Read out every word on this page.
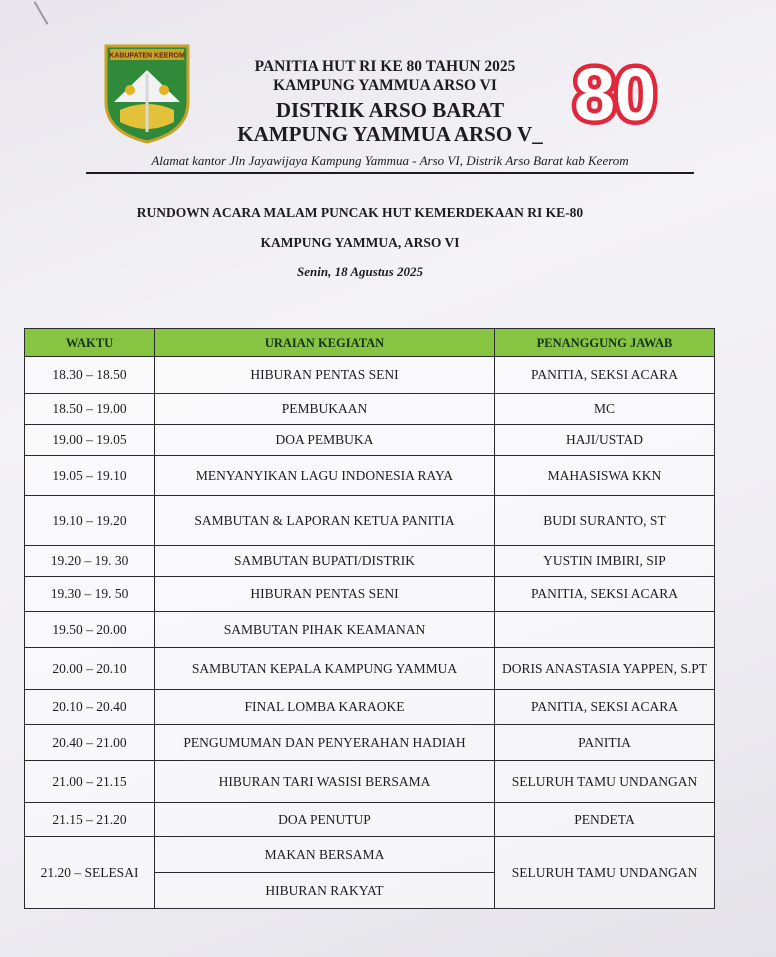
KABUPATEN KEEROM
PANITIA HUT RI KE 80 TAHUN 2025
KAMPUNG YAMMUA ARSO VI
DISTRIK ARSO BARAT
KAMPUNG YAMMUA ARSO V_ 80
Alamat kantor Jln Jayawijaya Kampung Yammua - Arso VI, Distrik Arso Barat kab Keerom
RUNDOWN ACARA MALAM PUNCAK HUT KEMERDEKAAN RI KE-80
KAMPUNG YAMMUA, ARSO VI
Senin, 18 Agustus 2025
WAKTU	URAIAN KEGIATAN	PENANGGUNG JAWAB
18.30 – 18.50	HIBURAN PENTAS SENI	PANITIA, SEKSI ACARA
18.50 – 19.00	PEMBUKAAN	MC
19.00 – 19.05	DOA PEMBUKA	HAJI/USTAD
19.05 – 19.10	MENYANYIKAN LAGU INDONESIA RAYA	MAHASISWA KKN
19.10 – 19.20	SAMBUTAN & LAPORAN KETUA PANITIA	BUDI SURANTO, ST
19.20 – 19. 30	SAMBUTAN BUPATI/DISTRIK	YUSTIN IMBIRI, SIP
19.30 – 19. 50	HIBURAN PENTAS SENI	PANITIA, SEKSI ACARA
19.50 – 20.00	SAMBUTAN PIHAK KEAMANAN	
20.00 – 20.10	SAMBUTAN KEPALA KAMPUNG YAMMUA	DORIS ANASTASIA YAPPEN, S.PT
20.10 – 20.40	FINAL LOMBA KARAOKE	PANITIA, SEKSI ACARA
20.40 – 21.00	PENGUMUMAN DAN PENYERAHAN HADIAH	PANITIA
21.00 – 21.15	HIBURAN TARI WASISI BERSAMA	SELURUH TAMU UNDANGAN
21.15 – 21.20	DOA PENUTUP	PENDETA
21.20 – SELESAI	MAKAN BERSAMA	SELURUH TAMU UNDANGAN
	HIBURAN RAKYAT	
